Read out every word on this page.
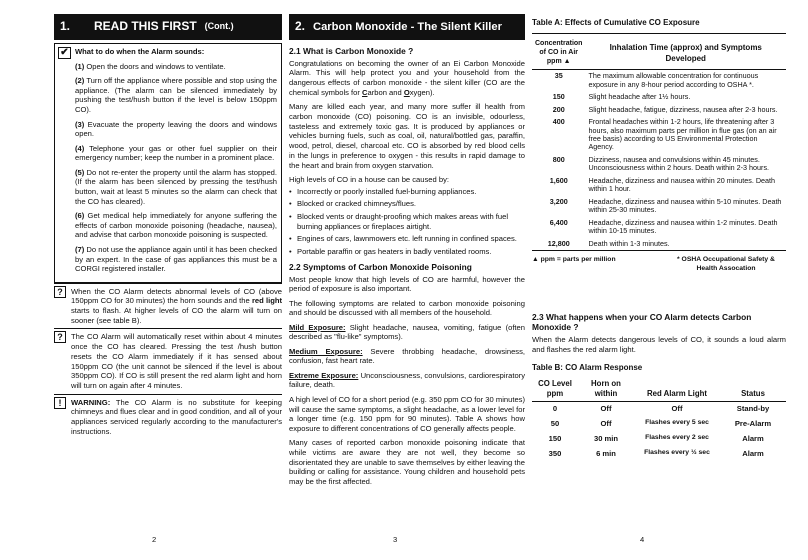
1.	READ THIS FIRST (Cont.)
✔ What to do when the Alarm sounds:

(1) Open the doors and windows to ventilate.

(2) Turn off the appliance where possible and stop using the appliance. (The alarm can be silenced immediately by pushing the test/hush button if the level is below 150ppm CO).

(3) Evacuate the property leaving the doors and windows open.

(4) Telephone your gas or other fuel supplier on their emergency number; keep the number in a prominent place.

(5) Do not re-enter the property until the alarm has stopped. (If the alarm has been silenced by pressing the test/hush button, wait at least 5 minutes so the alarm can check that the CO has cleared).

(6) Get medical help immediately for anyone suffering the effects of carbon monoxide poisoning (headache, nausea), and advise that carbon monoxide poisoning is suspected.

(7) Do not use the appliance again until it has been checked by an expert. In the case of gas appliances this must be a CORGI registered installer.

?	When the CO Alarm detects abnormal levels of CO (above 150ppm CO for 30 minutes) the horn sounds and the red light starts to flash. At higher levels of CO the alarm will turn on sooner (see table B).

?	The CO Alarm will automatically reset within about 4 minutes once the CO has cleared. Pressing the test /hush button resets the CO Alarm immediately if it has sensed about 150ppm CO (the unit cannot be silenced if the level is about 350ppm CO). If CO is still present the red alarm light and horn will turn on again after 4 minutes.

!	WARNING: The CO Alarm is no substitute for keeping chimneys and flues clear and in good condition, and all of your appliances serviced regularly according to the manufacturer's instructions.

2
2. Carbon Monoxide - The Silent Killer
2.1 What is Carbon Monoxide ?

Congratulations on becoming the owner of an Ei Carbon Monoxide Alarm. This will help protect you and your household from the dangerous effects of carbon monoxide - the silent killer (CO are the chemical symbols for Carbon and Oxygen).

Many are killed each year, and many more suffer ill health from carbon monoxide (CO) poisoning. CO is an invisible, odourless, tasteless and extremely toxic gas. It is produced by appliances or vehicles burning fuels, such as coal, oil, natural/bottled gas, paraffin, wood, petrol, diesel, charcoal etc. CO is absorbed by red blood cells in the lungs in preference to oxygen - this results in rapid damage to the heart and brain from oxygen starvation.

High levels of CO in a house can be caused by:

• Incorrectly or poorly installed fuel-burning appliances.
• Blocked or cracked chimneys/flues.
• Blocked vents or draught-proofing which makes areas with fuel burning appliances or fireplaces airtight.
• Engines of cars, lawnmowers etc. left running in confined spaces.
• Portable paraffin or gas heaters in badly ventilated rooms.
2.2 Symptoms of Carbon Monoxide Poisoning

Most people know that high levels of CO are harmful, however the period of exposure is also important.

The following symptoms are related to carbon monoxide poisoning and should be discussed with all members of the household.

Mild Exposure: Slight headache, nausea, vomiting, fatigue (often described as "flu-like" symptoms).

Medium Exposure: Severe throbbing headache, drowsiness, confusion, fast heart rate.

Extreme Exposure: Unconsciousness, convulsions, cardiorespiratory failure, death.

A high level of CO for a short period (e.g. 350 ppm CO for 30 minutes) will cause the same symptoms, a slight headache, as a lower level for a longer time (e.g. 150 ppm for 90 minutes). Table A shows how exposure to different concentrations of CO generally affects people.

Many cases of reported carbon monoxide poisoning indicate that while victims are aware they are not well, they become so disorientated they are unable to save themselves by either leaving the building or calling for assistance. Young children and household pets may be the first affected.

3
Table A: Effects of Cumulative CO Exposure
Concentration of CO in Air
ppm ▲	Inhalation Time (approx) and Symptoms Developed
35	The maximum allowable concentration for continuous exposure in any 8-hour period according to OSHA *.
150	Slight headache after 1½ hours.
200	Slight headache, fatigue, dizziness, nausea after 2-3 hours.
400	Frontal headaches within 1-2 hours, life threatening after 3 hours, also maximum parts per million in flue gas (on an air free basis) according to US Environmental Protection Agency.
800	Dizziness, nausea and convulsions within 45 minutes. Unconsciousness within 2 hours. Death within 2-3 hours.
1,600	Headache, dizziness and nausea within 20 minutes. Death within 1 hour.
3,200	Headache, dizziness and nausea within 5-10 minutes. Death within 25-30 minutes.
6,400	Headache, dizziness and nausea within 1-2 minutes. Death within 10-15 minutes.
12,800	Death within 1-3 minutes.
▲ ppm = parts per million	* OSHA Occupational Safety & Health Assocation
2.3 What happens when your CO Alarm detects Carbon Monoxide ?

When the Alarm detects dangerous levels of CO, it sounds a loud alarm and flashes the red alarm light.

Table B: CO Alarm Response
CO Level ppm	Horn on within	Red Alarm Light	Status
0	Off	Off	Stand-by
50	Off	Flashes every 5 sec	Pre-Alarm
150	30 min	Flashes every 2 sec	Alarm
350	6 min	Flashes every ½ sec	Alarm
4
